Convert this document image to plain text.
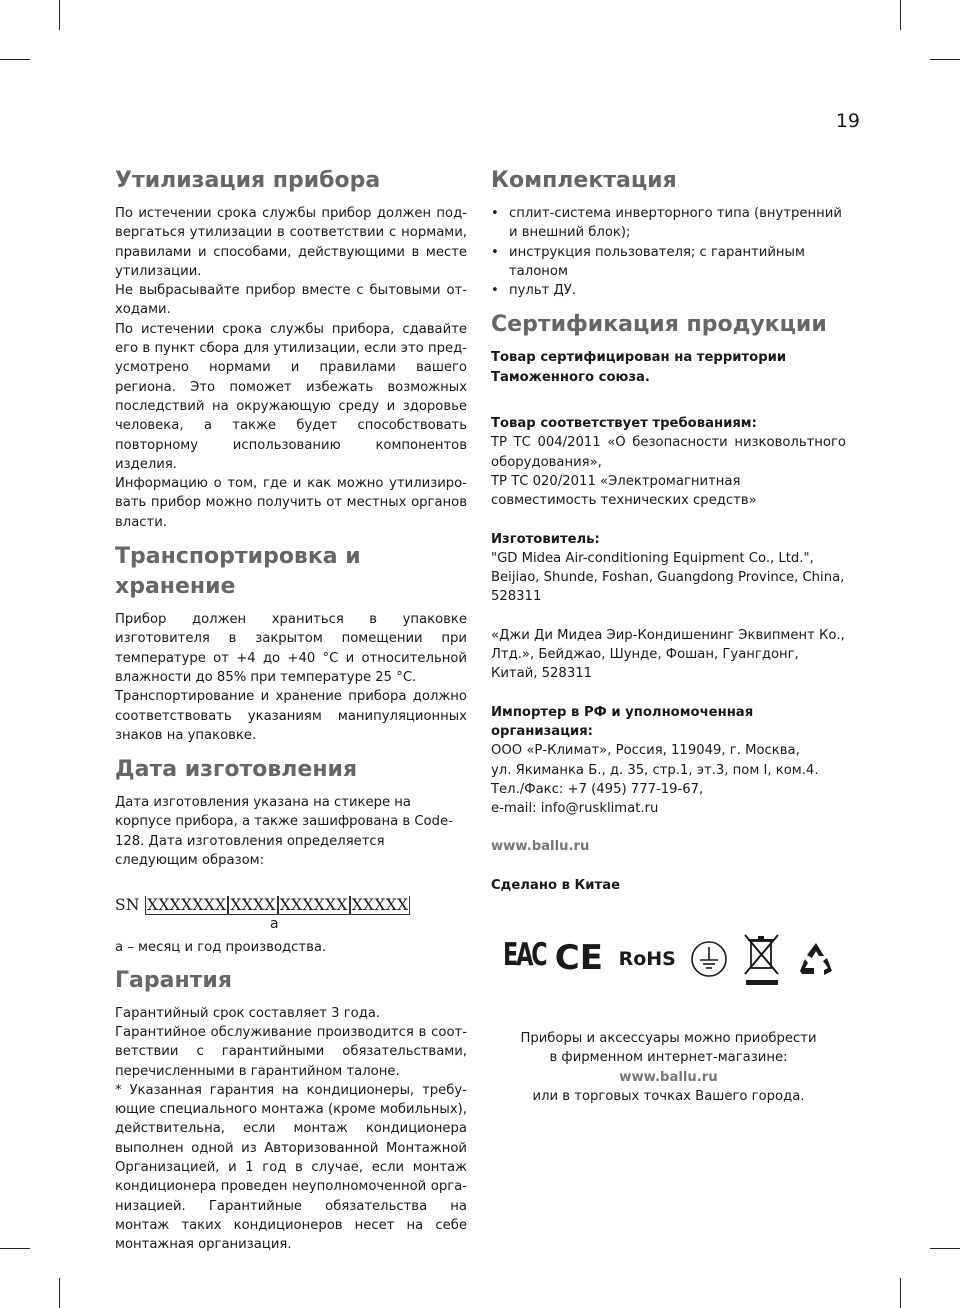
19
Утилизация прибора

По истечении срока службы прибор должен подвергаться утилизации в соответствии с нормами, правилами и способами, действующими в месте утилизации.

Не выбрасывайте прибор вместе с бытовыми отходами.

По истечении срока службы прибора, сдавайте его в пункт сбора для утилизации, если это предусмотрено нормами и правилами вашего региона. Это поможет избежать возможных последствий на окружающую среду и здоровье человека, а также будет способствовать повторному использованию компонентов изделия.

Информацию о том, где и как можно утилизировать прибор можно получить от местных органов власти.

Транспортировка и хранение

Прибор должен храниться в упаковке изготовителя в закрытом помещении при температуре от +4 до +40 °C и относительной влажности до 85% при температуре 25 °C.

Транспортирование и хранение прибора должно соответствовать указаниям манипуляционных знаков на упаковке.

Дата изготовления

Дата изготовления указана на стикере на корпусе прибора, а также зашифрована в Code-128. Дата изготовления определяется следующим образом:

SN XXXXXXX XXXX XXXXXX XXXXX
а

а – месяц и год производства.

Гарантия

Гарантийный срок составляет 3 года.

Гарантийное обслуживание производится в соответствии с гарантийными обязательствами, перечисленными в гарантийном талоне.

* Указанная гарантия на кондиционеры, требующие специального монтажа (кроме мобильных), действительна, если монтаж кондиционера выполнен одной из Авторизованной Монтажной Организацией, и 1 год в случае, если монтаж кондиционера проведен неуполномоченной организацией. Гарантийные обязательства на монтаж таких кондиционеров несет на себе монтажная организация.

Комплектация
• сплит-система инверторного типа (внутренний и внешний блок);
• инструкция пользователя; с гарантийным талоном
• пульт ДУ.
Сертификация продукции

Товар сертифицирован на территории Таможенного союза.

Товар соответствует требованиям:

ТР ТС 004/2011 «О безопасности низковольтного оборудования»,

ТР ТС 020/2011 «Электромагнитная совместимость технических средств»

Изготовитель:

"GD Midea Air-conditioning Equipment Co., Ltd.", Beijiao, Shunde, Foshan, Guangdong Province, China, 528311

«Джи Ди Мидеа Эир-Кондишенинг Эквипмент Ко., Лтд.», Бейджао, Шунде, Фошан, Гуангдонг, Китай, 528311

Импортер в РФ и уполномоченная организация:

ООО «Р-Климат», Россия, 119049, г. Москва,

ул. Якиманка Б., д. 35, стр.1, эт.3, пом I, ком.4.

Тел./Факс: +7 (495) 777-19-67,

e-mail: info@rusklimat.ru

www.ballu.ru

Сделано в Китае

EAC CE RoHS
Приборы и аксессуары можно приобрести
в фирменном интернет-магазине:
www.ballu.ru
или в торговых точках Вашего города.
